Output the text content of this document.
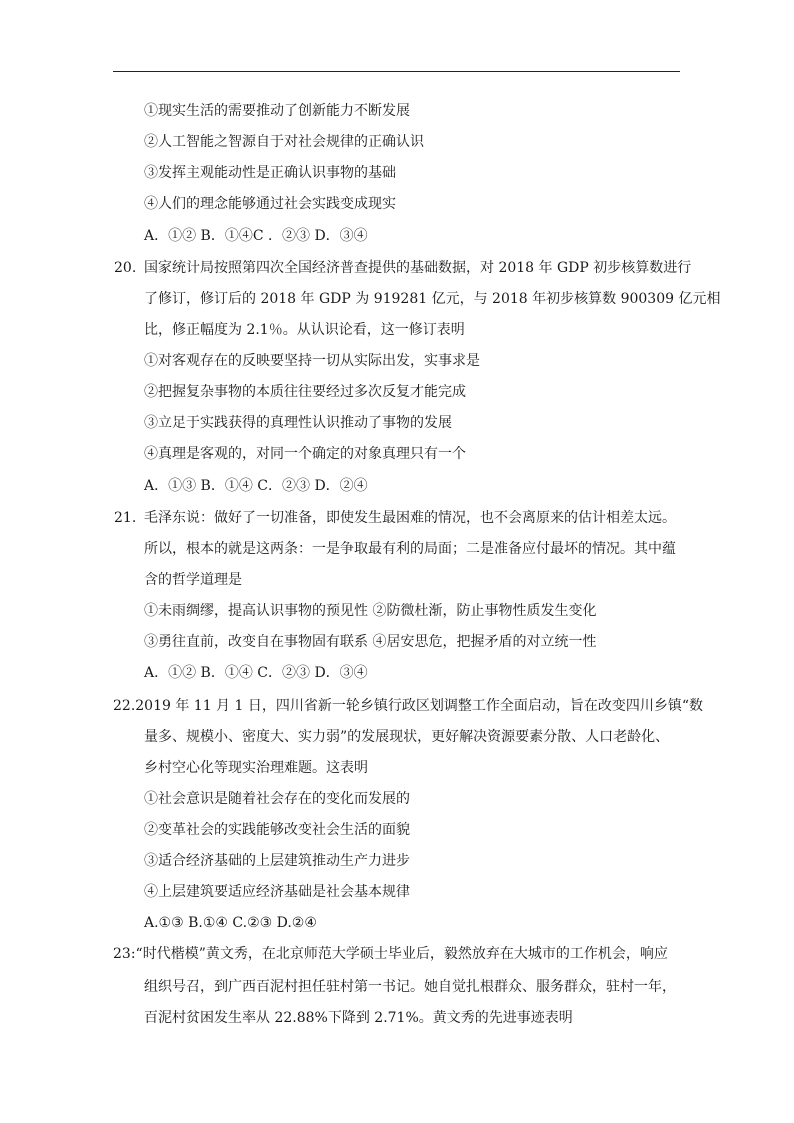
①现实生活的需要推动了创新能力不断发展
②人工智能之智源自于对社会规律的正确认识
③发挥主观能动性是正确认识事物的基础
④人们的理念能够通过社会实践变成现实
A．①② B．①④C ．②③ D．③④
20. 国家统计局按照第四次全国经济普查提供的基础数据，对 2018 年 GDP 初步核算数进行
了修订，修订后的 2018 年 GDP 为 919281 亿元，与 2018 年初步核算数 900309 亿元相
比，修正幅度为 2.1％。从认识论看，这一修订表明
①对客观存在的反映要坚持一切从实际出发，实事求是
②把握复杂事物的本质往往要经过多次反复才能完成
③立足于实践获得的真理性认识推动了事物的发展
④真理是客观的，对同一个确定的对象真理只有一个
A．①③ B．①④ C．②③ D．②④
21. 毛泽东说：做好了一切准备，即使发生最困难的情况，也不会离原来的估计相差太远。
所以，根本的就是这两条：一是争取最有利的局面；二是准备应付最坏的情况。其中蕴
含的哲学道理是
①未雨绸缪，提高认识事物的预见性 ②防微杜渐，防止事物性质发生变化
③勇往直前，改变自在事物固有联系 ④居安思危，把握矛盾的对立统一性
A．①② B．①④ C．②③ D．③④
22.2019 年 11 月 1 日，四川省新一轮乡镇行政区划调整工作全面启动，旨在改变四川乡镇“数
量多、规模小、密度大、实力弱”的发展现状，更好解决资源要素分散、人口老龄化、
乡村空心化等现实治理难题。这表明
①社会意识是随着社会存在的变化而发展的
②变革社会的实践能够改变社会生活的面貌
③适合经济基础的上层建筑推动生产力进步
④上层建筑要适应经济基础是社会基本规律
A.①③ B.①④ C.②③ D.②④
23:“时代楷模”黄文秀，在北京师范大学硕士毕业后，毅然放弃在大城市的工作机会，响应
组织号召，到广西百泥村担任驻村第一书记。她自觉扎根群众、服务群众，驻村一年，
百泥村贫困发生率从 22.88%下降到 2.71%。黄文秀的先进事迹表明
